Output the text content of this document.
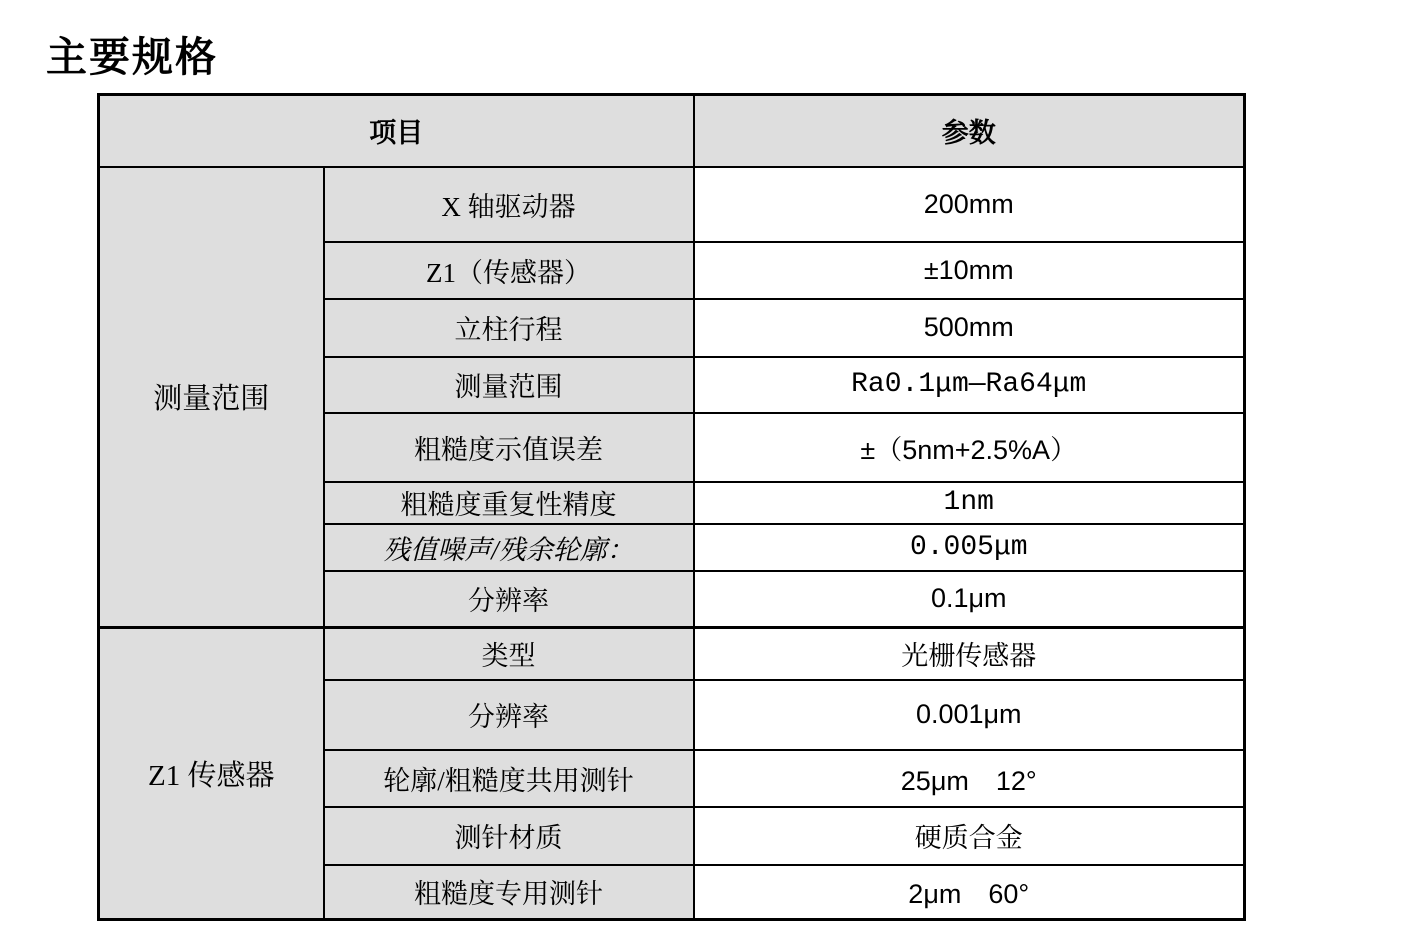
主要规格
项目		参数
测量范围	X 轴驱动器	200mm
	Z1（传感器）	±10mm
	立柱行程	500mm
	测量范围	Ra0.1μm—Ra64μm
	粗糙度示值误差	±（5nm+2.5%A）
	粗糙度重复性精度	1nm
	残值噪声/残余轮廓：	0.005μm
	分辨率	0.1μm
Z1 传感器	类型	光栅传感器
	分辨率	0.001μm
	轮廓/粗糙度共用测针	25μm　12°
	测针材质	硬质合金
	粗糙度专用测针	2μm　60°
